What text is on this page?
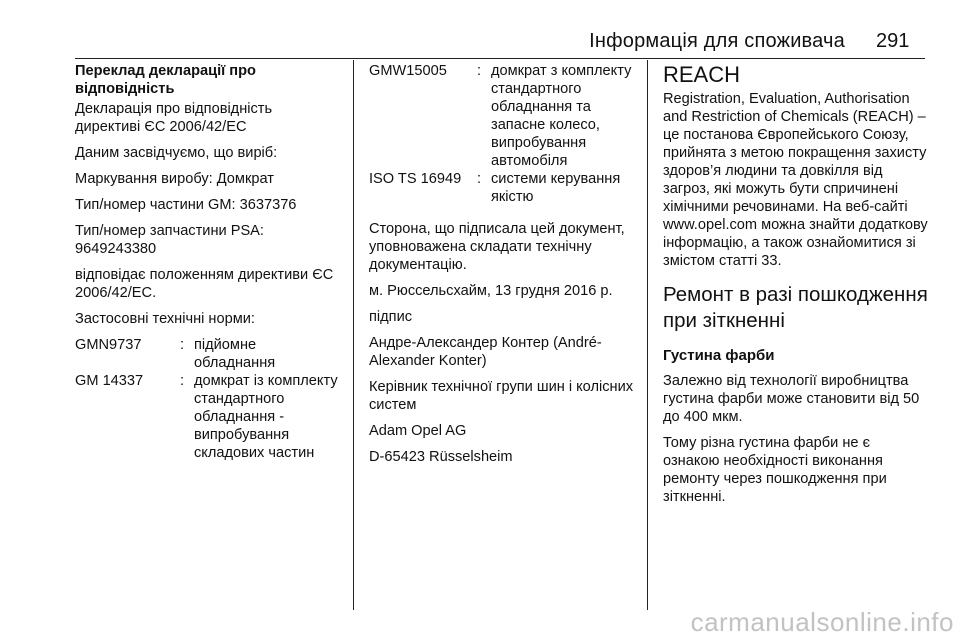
Інформація для споживача 291

Переклад декларації про відповідність

Декларація про відповідність директиві ЄС 2006/42/ЕС

Даним засвідчуємо, що виріб:

Маркування виробу: Домкрат

Тип/номер частини GM: 3637376

Тип/номер запчастини PSA: 9649243380

відповідає положенням директиви ЄС 2006/42/ЕС.

Застосовні технічні норми:

GMN9737	: підйомне обладнання
GM 14337	: домкрат із комплекту стандартного обладнання - випробування складових частин
GMW15005	: домкрат з комплекту стандартного обладнання та запасне колесо, випробування автомобіля
ISO TS 16949	: системи керування якістю

Сторона, що підписала цей документ, уповноважена складати технічну документацію.

м. Рюссельсхайм, 13 грудня 2016 р.

підпис

Андре-Александер Контер (André-Alexander Konter)

Керівник технічної групи шин і колісних систем

Adam Opel AG

D-65423 Rüsselsheim

REACH

Registration, Evaluation, Authorisation and Restriction of Chemicals (REACH) – це постанова Європейського Союзу, прийнята з метою покращення захисту здоров’я людини та довкілля від загроз, які можуть бути спричинені хімічними речовинами. На веб-сайті www.opel.com можна знайти додаткову інформацію, а також ознайомитися зі змістом статті 33.

Ремонт в разі пошкодження при зіткненні

Густина фарби

Залежно від технології виробництва густина фарби може становити від 50 до 400 мкм.

Тому різна густина фарби не є ознакою необхідності виконання ремонту через пошкодження при зіткненні.

carmanualsonline.info
